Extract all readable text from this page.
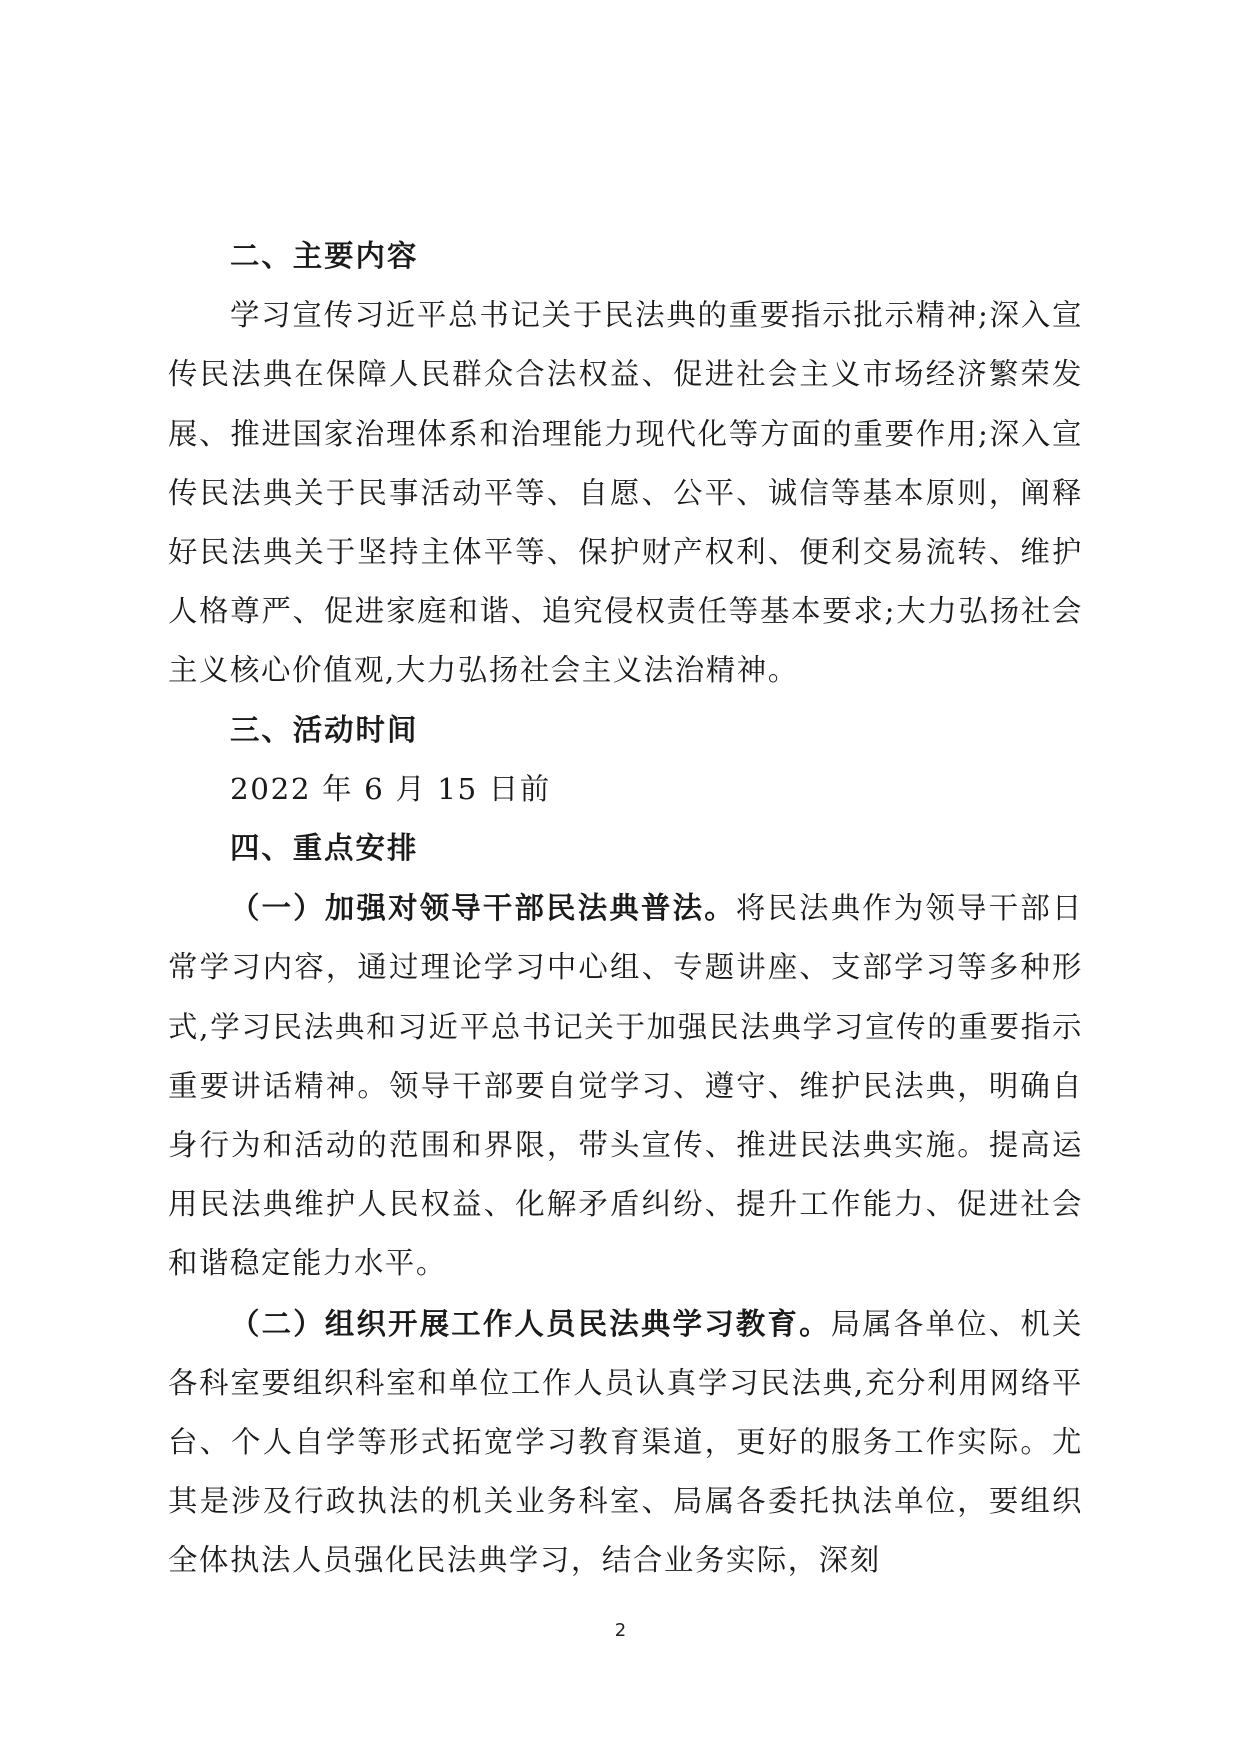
二、主要内容

学习宣传习近平总书记关于民法典的重要指示批示精神;深入宣传民法典在保障人民群众合法权益、促进社会主义市场经济繁荣发展、推进国家治理体系和治理能力现代化等方面的重要作用;深入宣传民法典关于民事活动平等、自愿、公平、诚信等基本原则，阐释好民法典关于坚持主体平等、保护财产权利、便利交易流转、维护人格尊严、促进家庭和谐、追究侵权责任等基本要求;大力弘扬社会主义核心价值观,大力弘扬社会主义法治精神。

三、活动时间

2022 年 6 月 15 日前

四、重点安排

（一）加强对领导干部民法典普法。将民法典作为领导干部日常学习内容，通过理论学习中心组、专题讲座、支部学习等多种形式,学习民法典和习近平总书记关于加强民法典学习宣传的重要指示重要讲话精神。领导干部要自觉学习、遵守、维护民法典，明确自身行为和活动的范围和界限，带头宣传、推进民法典实施。提高运用民法典维护人民权益、化解矛盾纠纷、提升工作能力、促进社会和谐稳定能力水平。

（二）组织开展工作人员民法典学习教育。局属各单位、机关各科室要组织科室和单位工作人员认真学习民法典,充分利用网络平台、个人自学等形式拓宽学习教育渠道，更好的服务工作实际。尤其是涉及行政执法的机关业务科室、局属各委托执法单位，要组织全体执法人员强化民法典学习，结合业务实际，深刻

2
